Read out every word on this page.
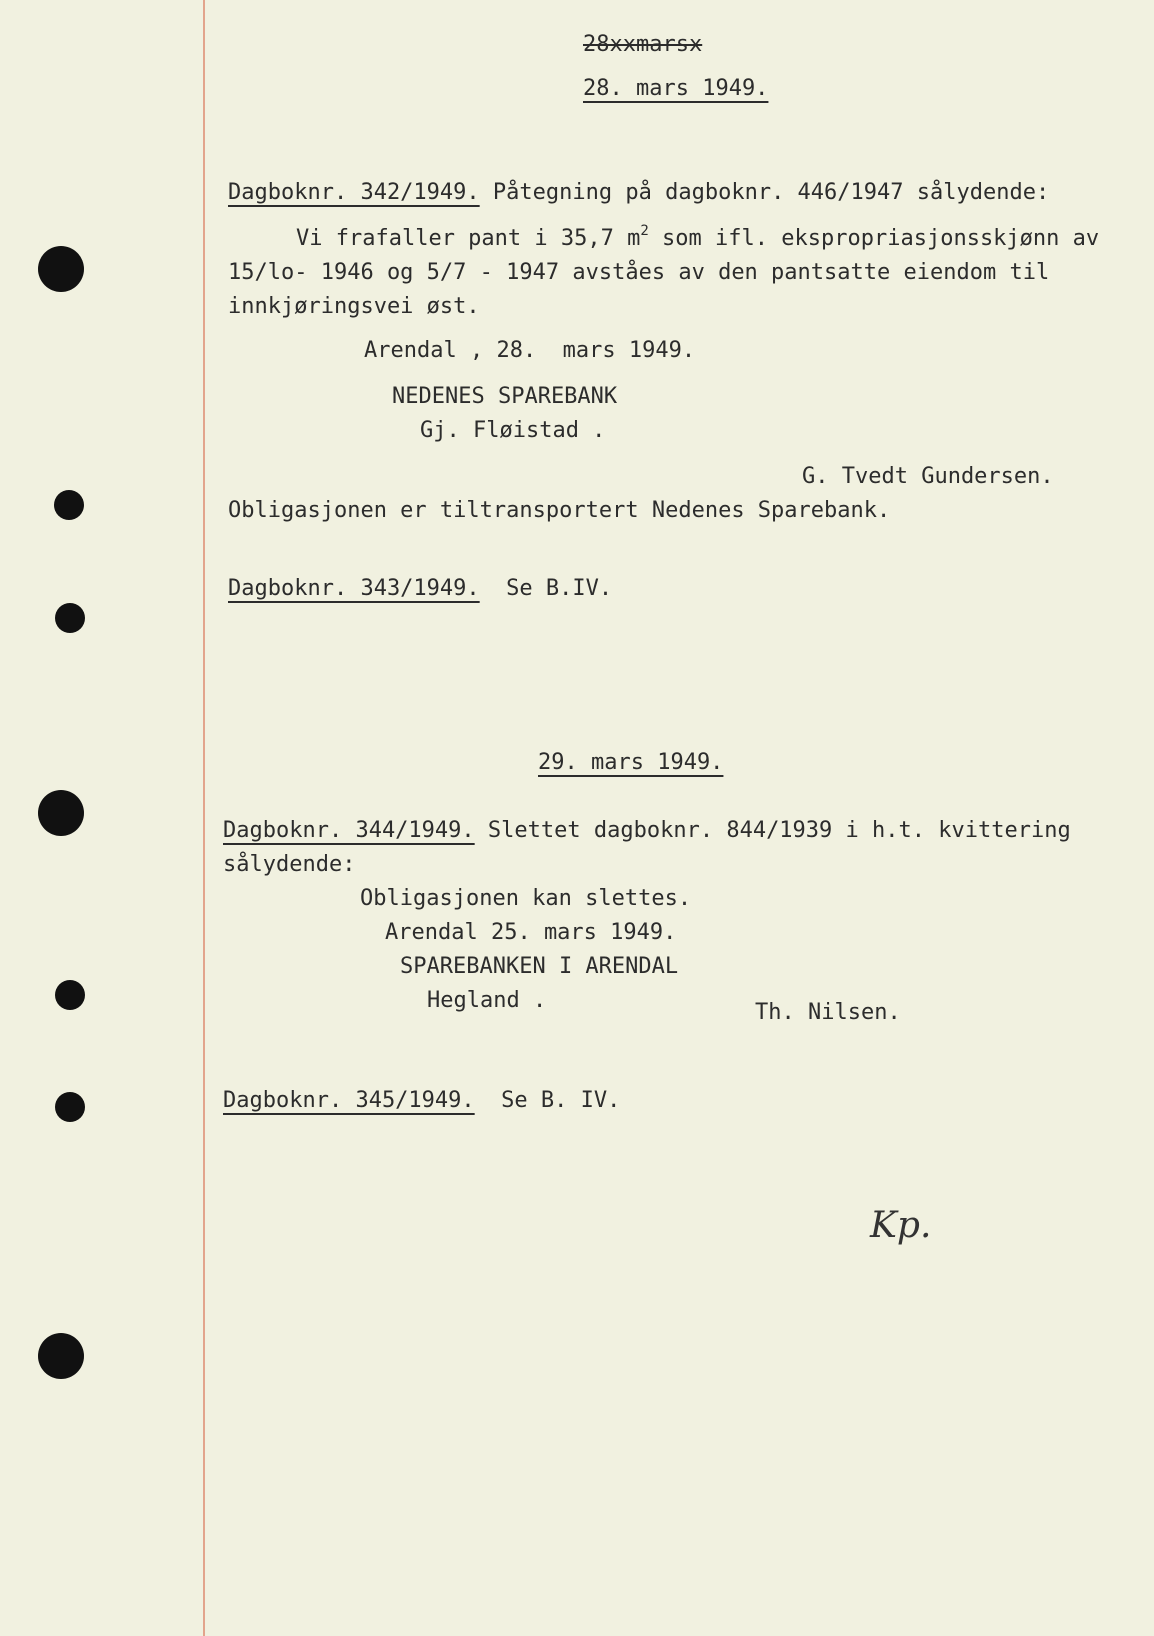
28xxmarsx
28. mars 1949.
Dagboknr. 342/1949. Påtegning på dagboknr. 446/1947 sålydende:
Vi frafaller pant i 35,7 $m^2$ som ifl. ekspropriasjonsskjønn av
15/lo- 1946 og 5/7 - 1947 avståes av den pantsatte eiendom til
innkjøringsvei øst.
Arendal , 28.  mars 1949.
NEDENES SPAREBANK
Gj. Fløistad .
G. Tvedt Gundersen.
Obligasjonen er tiltransportert Nedenes Sparebank.
Dagboknr. 343/1949.  Se B.IV.
29. mars 1949.
Dagboknr. 344/1949. Slettet dagboknr. 844/1939 i h.t. kvittering
sålydende:
Obligasjonen kan slettes.
Arendal 25. mars 1949.
SPAREBANKEN I ARENDAL
Hegland .	Th. Nilsen.
Dagboknr. 345/1949.  Se B. IV.
Kp.
